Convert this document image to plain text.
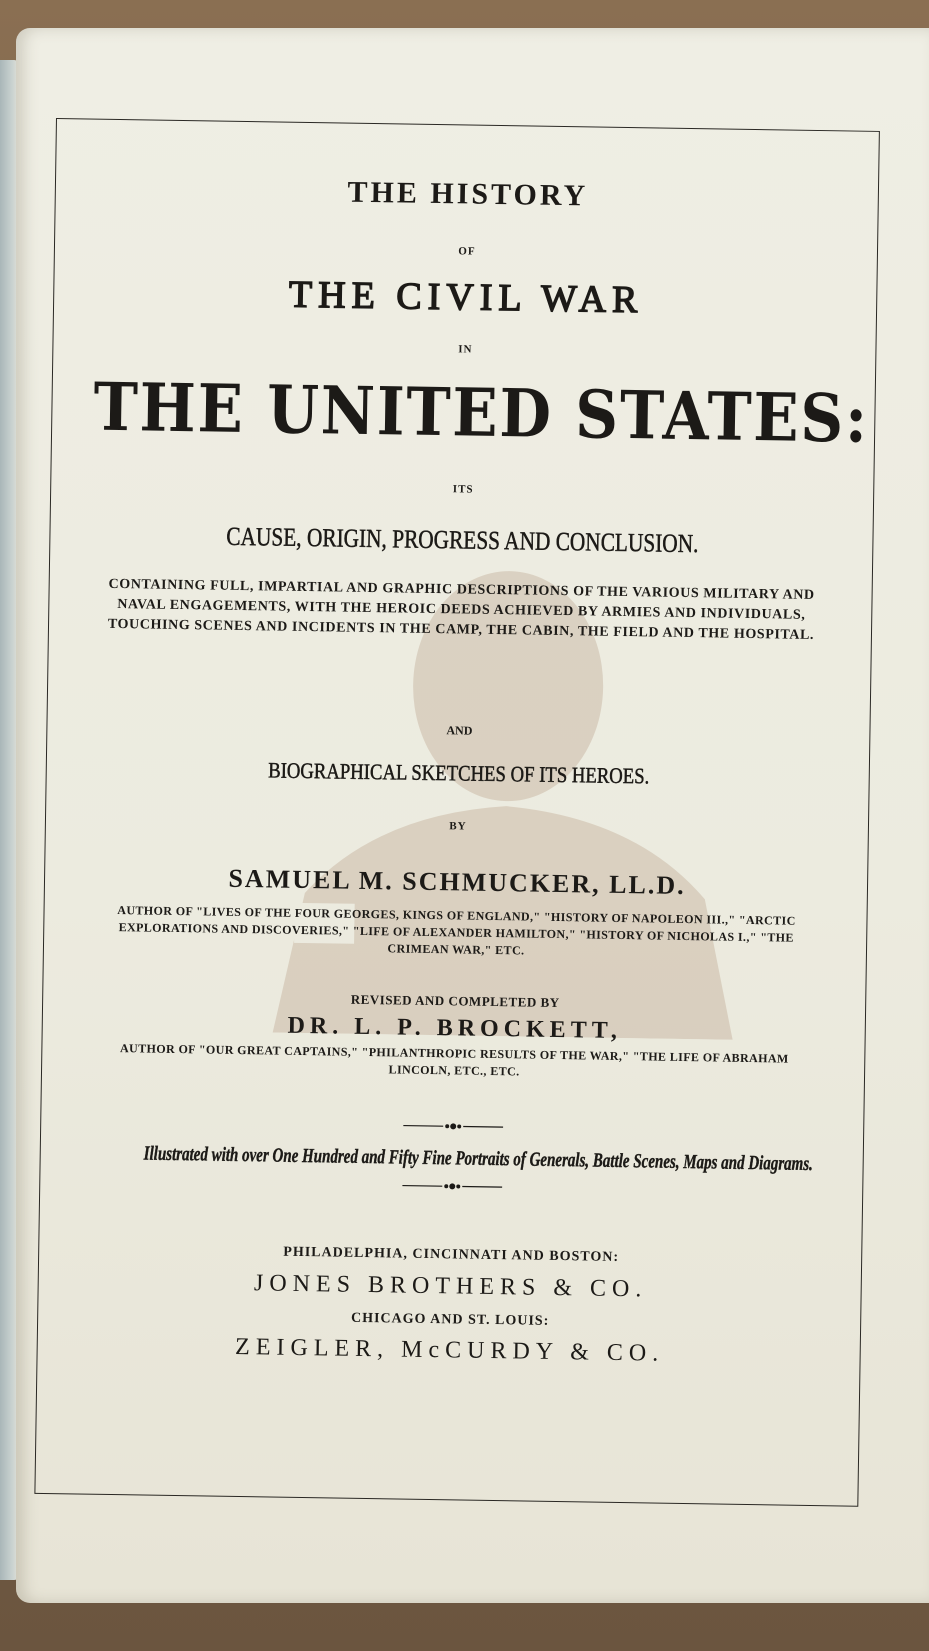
THE HISTORY
OF
THE CIVIL WAR
IN
THE UNITED STATES:
ITS
CAUSE, ORIGIN, PROGRESS AND CONCLUSION.
CONTAINING FULL, IMPARTIAL AND GRAPHIC DESCRIPTIONS OF THE VARIOUS MILITARY AND NAVAL ENGAGEMENTS, WITH THE HEROIC DEEDS ACHIEVED BY ARMIES AND INDIVIDUALS, TOUCHING SCENES AND INCIDENTS IN THE CAMP, THE CABIN, THE FIELD AND THE HOSPITAL.
AND
BIOGRAPHICAL SKETCHES OF ITS HEROES.
BY
SAMUEL M. SCHMUCKER, LL.D.
AUTHOR OF "LIVES OF THE FOUR GEORGES, KINGS OF ENGLAND," "HISTORY OF NAPOLEON III.," "ARCTIC EXPLORATIONS AND DISCOVERIES," "LIFE OF ALEXANDER HAMILTON," "HISTORY OF NICHOLAS I.," "THE CRIMEAN WAR," ETC.
REVISED AND COMPLETED BY
DR. L. P. BROCKETT,
AUTHOR OF "OUR GREAT CAPTAINS," "PHILANTHROPIC RESULTS OF THE WAR," "THE LIFE OF ABRAHAM LINCOLN, ETC., ETC.
Illustrated with over One Hundred and Fifty Fine Portraits of Generals, Battle Scenes, Maps and Diagrams.
PHILADELPHIA, CINCINNATI AND BOSTON:
JONES BROTHERS & CO.
CHICAGO AND ST. LOUIS:
ZEIGLER, McCURDY & CO.
